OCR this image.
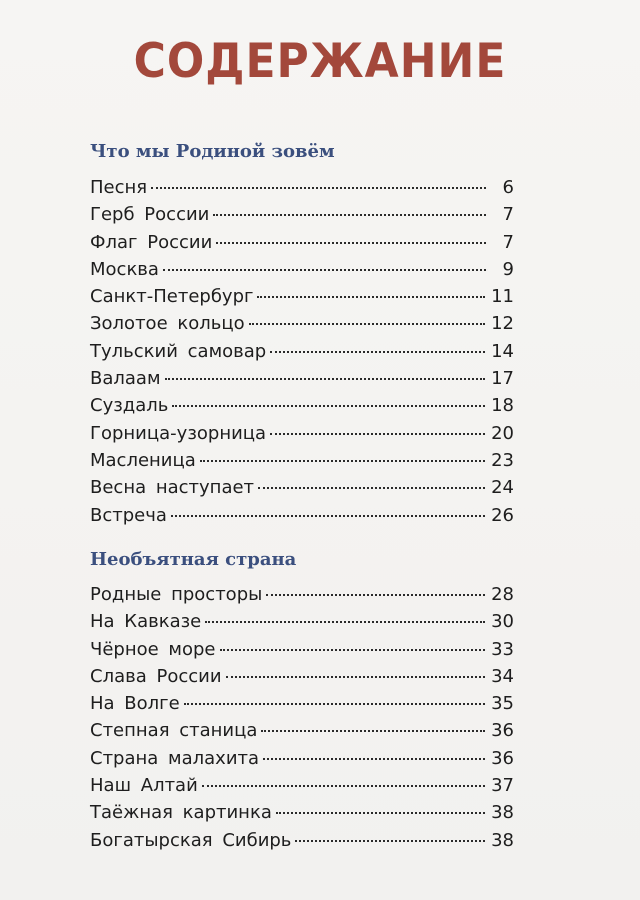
СОДЕРЖАНИЕ
Что мы Родиной зовём
Песня	6
Герб России	7
Флаг России	7
Москва	9
Санкт-Петербург	11
Золотое кольцо	12
Тульский самовар	14
Валаам	17
Суздаль	18
Горница-узорница	20
Масленица	23
Весна наступает	24
Встреча	26
Необъятная страна
Родные просторы	28
На Кавказе	30
Чёрное море	33
Слава России	34
На Волге	35
Степная станица	36
Страна малахита	36
Наш Алтай	37
Таёжная картинка	38
Богатырская Сибирь	38
